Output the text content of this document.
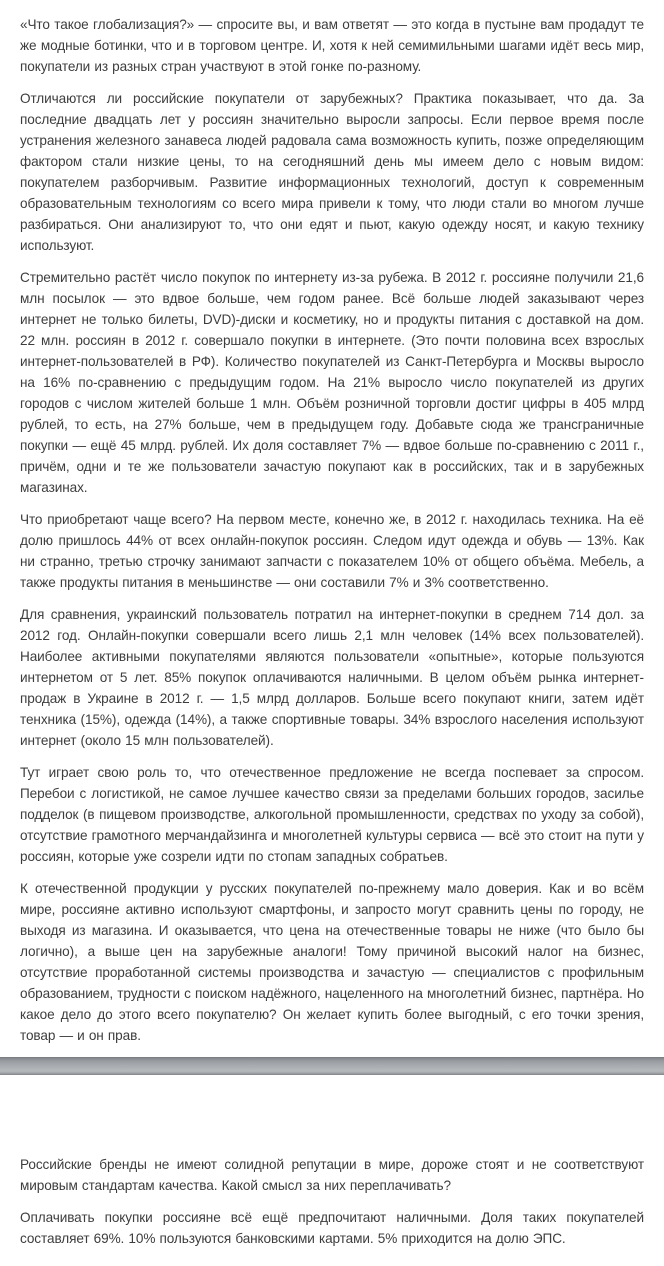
«Что такое глобализация?» — спросите вы, и вам ответят — это когда в пустыне вам продадут те же модные ботинки, что и в торговом центре. И, хотя к ней семимильными шагами идёт весь мир, покупатели из разных стран участвуют в этой гонке по-разному.

Отличаются ли российские покупатели от зарубежных? Практика показывает, что да. За последние двадцать лет у россиян значительно выросли запросы. Если первое время после устранения железного занавеса людей радовала сама возможность купить, позже определяющим фактором стали низкие цены, то на сегодняшний день мы имеем дело с новым видом: покупателем разборчивым. Развитие информационных технологий, доступ к современным образовательным технологиям со всего мира привели к тому, что люди стали во многом лучше разбираться. Они анализируют то, что они едят и пьют, какую одежду носят, и какую технику используют.

Стремительно растёт число покупок по интернету из-за рубежа. В 2012 г. россияне получили 21,6 млн посылок — это вдвое больше, чем годом ранее. Всё больше людей заказывают через интернет не только билеты, DVD)-диски и косметику, но и продукты питания с доставкой на дом. 22 млн. россиян в 2012 г. совершало покупки в интернете. (Это почти половина всех взрослых интернет-пользователей в РФ). Количество покупателей из Санкт-Петербурга и Москвы выросло на 16% по-сравнению с предыдущим годом. На 21% выросло число покупателей из других городов с числом жителей больше 1 млн. Объём розничной торговли достиг цифры в 405 млрд рублей, то есть, на 27% больше, чем в предыдущем году. Добавьте сюда же трансграничные покупки — ещё 45 млрд. рублей. Их доля составляет 7% — вдвое больше по-сравнению с 2011 г., причём, одни и те же пользователи зачастую покупают как в российских, так и в зарубежных магазинах.

Что приобретают чаще всего? На первом месте, конечно же, в 2012 г. находилась техника. На её долю пришлось 44% от всех онлайн-покупок россиян. Следом идут одежда и обувь — 13%. Как ни странно, третью строчку занимают запчасти с показателем 10% от общего объёма. Мебель, а также продукты питания в меньшинстве — они составили 7% и 3% соответственно.

Для сравнения, украинский пользователь потратил на интернет-покупки в среднем 714 дол. за 2012 год. Онлайн-покупки совершали всего лишь 2,1 млн человек (14% всех пользователей). Наиболее активными покупателями являются пользователи «опытные», которые пользуются интернетом от 5 лет. 85% покупок оплачиваются наличными. В целом объём рынка интернет-продаж в Украине в 2012 г. — 1,5 млрд долларов. Больше всего покупают книги, затем идёт тенхника (15%), одежда (14%), а также спортивные товары. 34% взрослого населения используют интернет (около 15 млн пользователей).

Тут играет свою роль то, что отечественное предложение не всегда поспевает за спросом. Перебои с логистикой, не самое лучшее качество связи за пределами больших городов, засилье подделок (в пищевом производстве, алкогольной промышленности, средствах по уходу за собой), отсутствие грамотного мерчандайзинга и многолетней культуры сервиса — всё это стоит на пути у россиян, которые уже созрели идти по стопам западных собратьев.

К отечественной продукции у русских покупателей по-прежнему мало доверия. Как и во всём мире, россияне активно используют смартфоны, и запросто могут сравнить цены по городу, не выходя из магазина. И оказывается, что цена на отечественные товары не ниже (что было бы логично), а выше цен на зарубежные аналоги! Тому причиной высокий налог на бизнес, отсутствие проработанной системы производства и зачастую — специалистов с профильным образованием, трудности с поиском надёжного, нацеленного на многолетний бизнес, партнёра. Но какое дело до этого всего покупателю? Он желает купить более выгодный, с его точки зрения, товар — и он прав.

Российские бренды не имеют солидной репутации в мире, дороже стоят и не соответствуют мировым стандартам качества. Какой смысл за них переплачивать?

Оплачивать покупки россияне всё ещё предпочитают наличными. Доля таких покупателей составляет 69%. 10% пользуются банковскими картами. 5% приходится на долю ЭПС.
